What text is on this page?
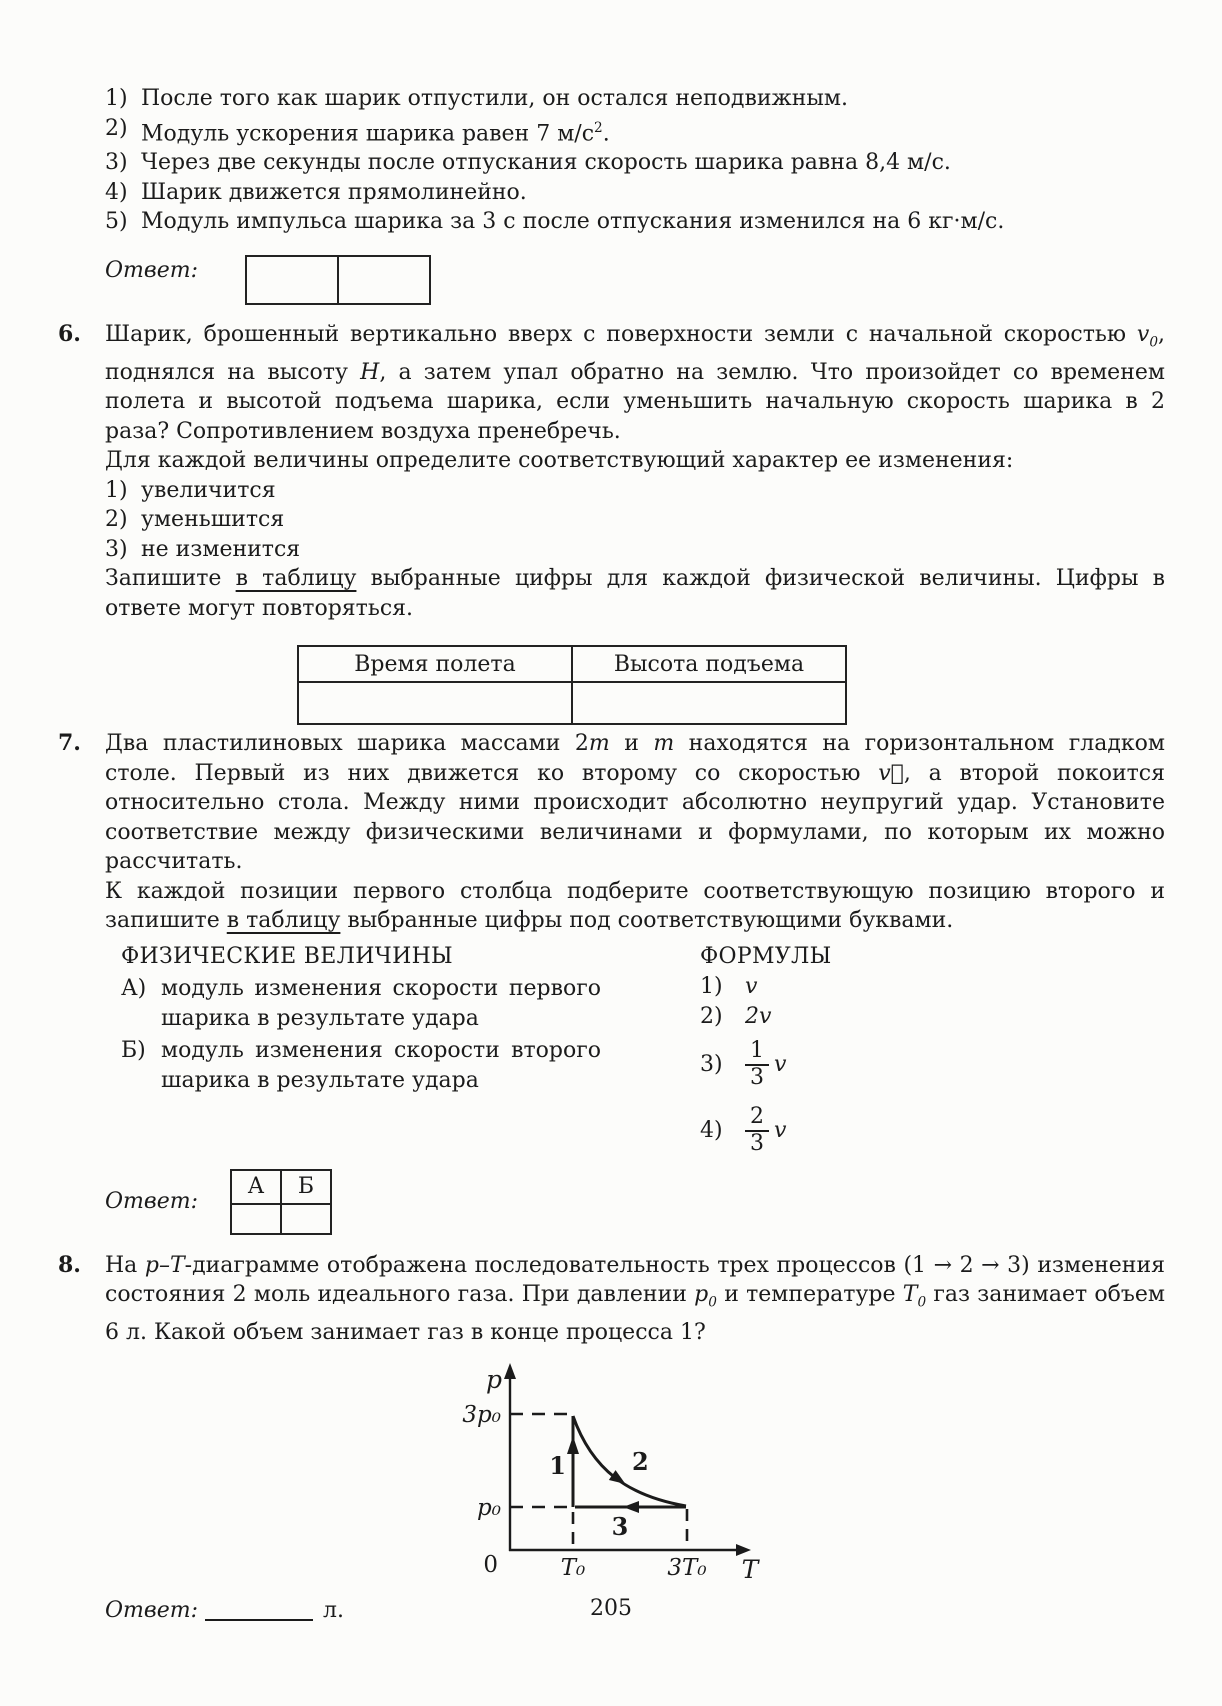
1) После того как шарик отпустили, он остался неподвижным.
2) Модуль ускорения шарика равен 7 $м/с^2$.
3) Через две секунды после отпускания скорость шарика равна 8,4 м/с.
4) Шарик движется прямолинейно.
5) Модуль импульса шарика за 3 с после отпускания изменился на 6 кг·м/с.
Ответ:

6. Шарик, брошенный вертикально вверх с поверхности земли с начальной скоростью $v_0$, поднялся на высоту H, а затем упал обратно на землю. Что произойдет со временем полета и высотой подъема шарика, если уменьшить начальную скорость шарика в 2 раза? Сопротивлением воздуха пренебречь.

Для каждой величины определите соответствующий характер ее изменения:

1) увеличится
2) уменьшится
3) не изменится

Запишите в таблицу выбранные цифры для каждой физической величины. Цифры в ответе могут повторяться.

Время полета	Высота подъема

7. Два пластилиновых шарика массами 2m и m находятся на горизонтальном гладком столе. Первый из них движется ко второму со скоростью v⃗, а второй покоится относительно стола. Между ними происходит абсолютно неупругий удар. Установите соответствие между физическими величинами и формулами, по которым их можно рассчитать.

К каждой позиции первого столбца подберите соответствующую позицию второго и запишите в таблицу выбранные цифры под соответствующими буквами.

ФИЗИЧЕСКИЕ ВЕЛИЧИНЫ
А) модуль изменения скорости первого шарика в результате удара
Б) модуль изменения скорости второго шарика в результате удара
ФОРМУЛЫ
1)	v
2)	2v
3)	$\frac{1}{3}$ v
4)	$\frac{2}{3}$ v
Ответ:
А	Б

8. На p–T-диаграмме отображена последовательность трех процессов (1 → 2 → 3) изменения состояния 2 моль идеального газа. При давлении $p_0$ и температуре $T_0$ газ занимает объем 6 л. Какой объем занимает газ в конце процесса 1?

p
T
3p₀
p₀
0	T₀	3T₀
1	2
3
Ответ:	л.	205
